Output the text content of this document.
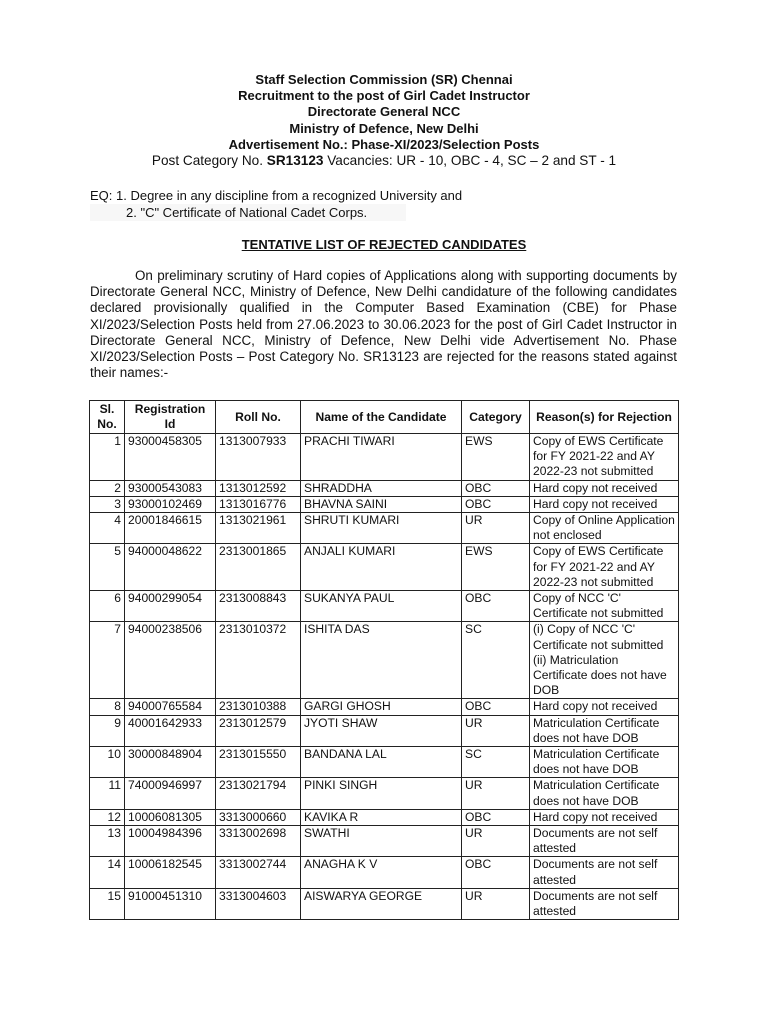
Staff Selection Commission (SR) Chennai
Recruitment to the post of Girl Cadet Instructor
Directorate General NCC
Ministry of Defence, New Delhi
Advertisement No.: Phase-XI/2023/Selection Posts
Post Category No. SR13123 Vacancies: UR - 10, OBC - 4, SC – 2 and ST - 1
EQ: 1. Degree in any discipline from a recognized University and
2. "C" Certificate of National Cadet Corps.
TENTATIVE LIST OF REJECTED CANDIDATES
On preliminary scrutiny of Hard copies of Applications along with supporting documents by Directorate General NCC, Ministry of Defence, New Delhi candidature of the following candidates declared provisionally qualified in the Computer Based Examination (CBE) for Phase XI/2023/Selection Posts held from 27.06.2023 to 30.06.2023 for the post of Girl Cadet Instructor in Directorate General NCC, Ministry of Defence, New Delhi vide Advertisement No. Phase XI/2023/Selection Posts – Post Category No. SR13123 are rejected for the reasons stated against their names:-
Sl. No.	Registration Id	Roll No.	Name of the Candidate	Category	Reason(s) for Rejection
1	93000458305	1313007933	PRACHI TIWARI	EWS	Copy of EWS Certificate for FY 2021-22 and AY 2022-23 not submitted
2	93000543083	1313012592	SHRADDHA	OBC	Hard copy not received
3	93000102469	1313016776	BHAVNA SAINI	OBC	Hard copy not received
4	20001846615	1313021961	SHRUTI KUMARI	UR	Copy of Online Application not enclosed
5	94000048622	2313001865	ANJALI KUMARI	EWS	Copy of EWS Certificate for FY 2021-22 and AY 2022-23 not submitted
6	94000299054	2313008843	SUKANYA PAUL	OBC	Copy of NCC 'C' Certificate not submitted
7	94000238506	2313010372	ISHITA DAS	SC	(i) Copy of NCC 'C' Certificate not submitted (ii) Matriculation Certificate does not have DOB
8	94000765584	2313010388	GARGI GHOSH	OBC	Hard copy not received
9	40001642933	2313012579	JYOTI SHAW	UR	Matriculation Certificate does not have DOB
10	30000848904	2313015550	BANDANA LAL	SC	Matriculation Certificate does not have DOB
11	74000946997	2313021794	PINKI SINGH	UR	Matriculation Certificate does not have DOB
12	10006081305	3313000660	KAVIKA R	OBC	Hard copy not received
13	10004984396	3313002698	SWATHI	UR	Documents are not self attested
14	10006182545	3313002744	ANAGHA K V	OBC	Documents are not self attested
15	91000451310	3313004603	AISWARYA GEORGE	UR	Documents are not self attested
